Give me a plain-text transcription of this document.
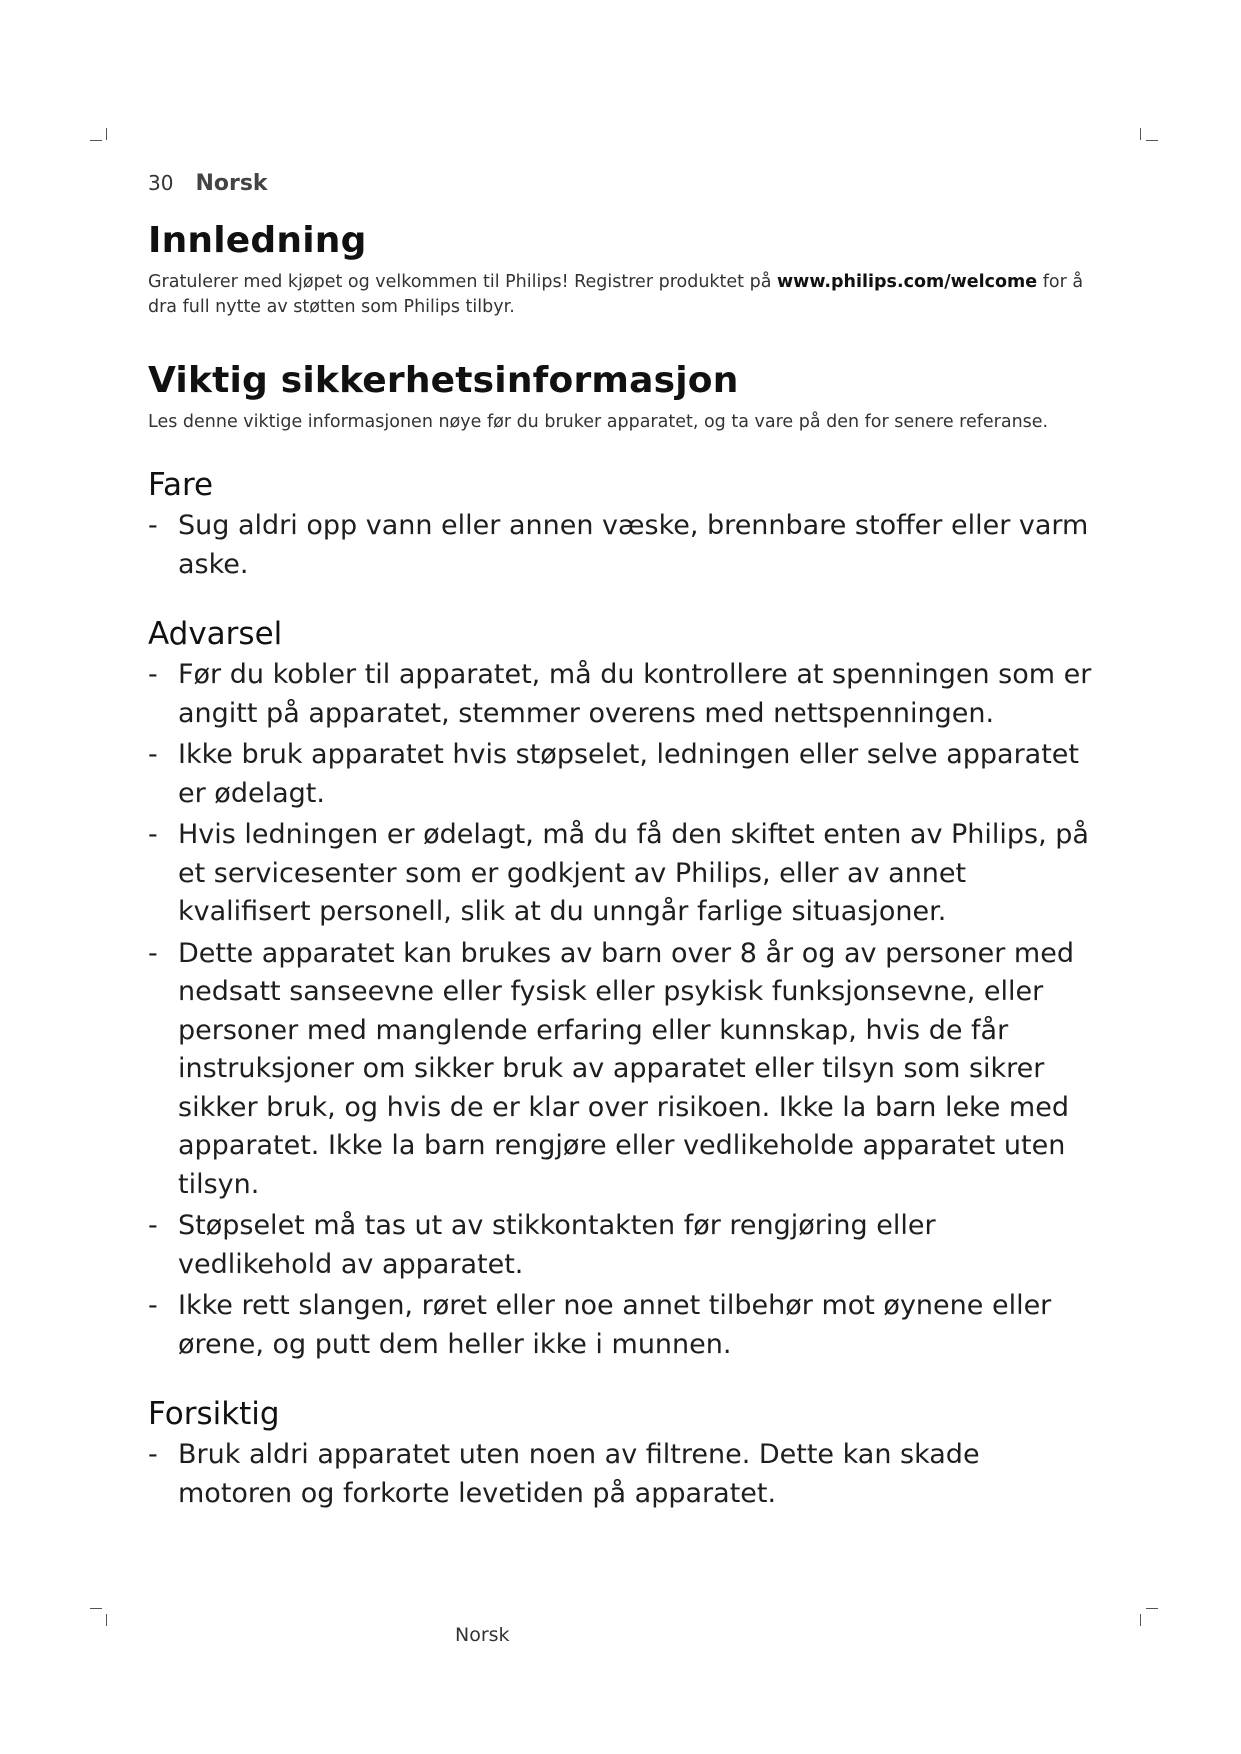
30 Norsk
Innledning

Gratulerer med kjøpet og velkommen til Philips! Registrer produktet på www.philips.com/welcome for å dra full nytte av støtten som Philips tilbyr.

Viktig sikkerhetsinformasjon

Les denne viktige informasjonen nøye før du bruker apparatet, og ta vare på den for senere referanse.

Fare
- Sug aldri opp vann eller annen væske, brennbare stoffer eller varm aske.
Advarsel
- Før du kobler til apparatet, må du kontrollere at spenningen som er angitt på apparatet, stemmer overens med nettspenningen.
- Ikke bruk apparatet hvis støpselet, ledningen eller selve apparatet er ødelagt.
- Hvis ledningen er ødelagt, må du få den skiftet enten av Philips, på et servicesenter som er godkjent av Philips, eller av annet kvalifisert personell, slik at du unngår farlige situasjoner.
- Dette apparatet kan brukes av barn over 8 år og av personer med nedsatt sanseevne eller fysisk eller psykisk funksjonsevne, eller personer med manglende erfaring eller kunnskap, hvis de får instruksjoner om sikker bruk av apparatet eller tilsyn som sikrer sikker bruk, og hvis de er klar over risikoen. Ikke la barn leke med apparatet. Ikke la barn rengjøre eller vedlikeholde apparatet uten tilsyn.
- Støpselet må tas ut av stikkontakten før rengjøring eller vedlikehold av apparatet.
- Ikke rett slangen, røret eller noe annet tilbehør mot øynene eller ørene, og putt dem heller ikke i munnen.
Forsiktig
- Bruk aldri apparatet uten noen av filtrene. Dette kan skade motoren og forkorte levetiden på apparatet.
Norsk
